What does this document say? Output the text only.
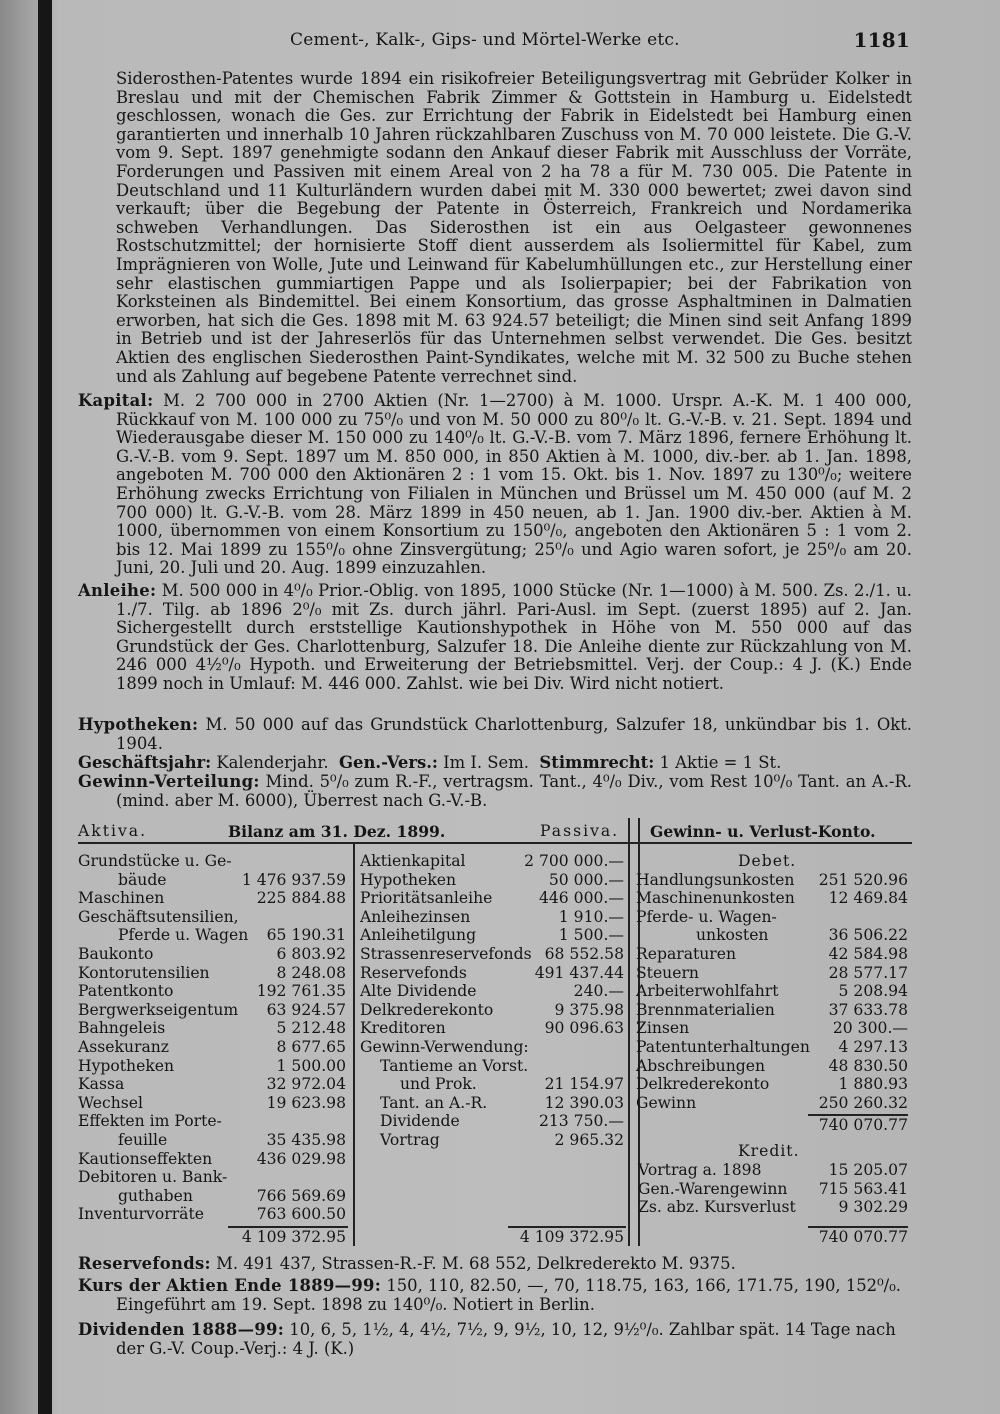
Cement-, Kalk-, Gips- und Mörtel-Werke etc.	1181
Siderosthen-Patentes wurde 1894 ein risikofreier Beteiligungsvertrag mit Gebrüder Kolker in Breslau und mit der Chemischen Fabrik Zimmer & Gottstein in Hamburg u. Eidelstedt geschlossen, wonach die Ges. zur Errichtung der Fabrik in Eidelstedt bei Hamburg einen garantierten und innerhalb 10 Jahren rückzahlbaren Zuschuss von M. 70 000 leistete. Die G.-V. vom 9. Sept. 1897 genehmigte sodann den Ankauf dieser Fabrik mit Ausschluss der Vorräte, Forderungen und Passiven mit einem Areal von 2 ha 78 a für M. 730 005. Die Patente in Deutschland und 11 Kulturländern wurden dabei mit M. 330 000 bewertet; zwei davon sind verkauft; über die Begebung der Patente in Österreich, Frankreich und Nordamerika schweben Verhandlungen. Das Siderosthen ist ein aus Oelgasteer gewonnenes Rostschutzmittel; der hornisierte Stoff dient ausserdem als Isoliermittel für Kabel, zum Imprägnieren von Wolle, Jute und Leinwand für Kabelumhüllungen etc., zur Herstellung einer sehr elastischen gummiartigen Pappe und als Isolierpapier; bei der Fabrikation von Korksteinen als Bindemittel. Bei einem Konsortium, das grosse Asphaltminen in Dalmatien erworben, hat sich die Ges. 1898 mit M. 63 924.57 beteiligt; die Minen sind seit Anfang 1899 in Betrieb und ist der Jahreserlös für das Unternehmen selbst verwendet. Die Ges. besitzt Aktien des englischen Siederosthen Paint-Syndikates, welche mit M. 32 500 zu Buche stehen und als Zahlung auf begebene Patente verrechnet sind.
Kapital: M. 2 700 000 in 2700 Aktien (Nr. 1—2700) à M. 1000. Urspr. A.-K. M. 1 400 000, Rückkauf von M. 100 000 zu 75⁰/₀ und von M. 50 000 zu 80⁰/₀ lt. G.-V.-B. v. 21. Sept. 1894 und Wiederausgabe dieser M. 150 000 zu 140⁰/₀ lt. G.-V.-B. vom 7. März 1896, fernere Erhöhung lt. G.-V.-B. vom 9. Sept. 1897 um M. 850 000, in 850 Aktien à M. 1000, div.-ber. ab 1. Jan. 1898, angeboten M. 700 000 den Aktionären 2 : 1 vom 15. Okt. bis 1. Nov. 1897 zu 130⁰/₀; weitere Erhöhung zwecks Errichtung von Filialen in München und Brüssel um M. 450 000 (auf M. 2 700 000) lt. G.-V.-B. vom 28. März 1899 in 450 neuen, ab 1. Jan. 1900 div.-ber. Aktien à M. 1000, übernommen von einem Konsortium zu 150⁰/₀, angeboten den Aktionären 5 : 1 vom 2. bis 12. Mai 1899 zu 155⁰/₀ ohne Zinsvergütung; 25⁰/₀ und Agio waren sofort, je 25⁰/₀ am 20. Juni, 20. Juli und 20. Aug. 1899 einzuzahlen.
Anleihe: M. 500 000 in 4⁰/₀ Prior.-Oblig. von 1895, 1000 Stücke (Nr. 1—1000) à M. 500. Zs. 2./1. u. 1./7. Tilg. ab 1896 2⁰/₀ mit Zs. durch jährl. Pari-Ausl. im Sept. (zuerst 1895) auf 2. Jan. Sichergestellt durch erststellige Kautionshypothek in Höhe von M. 550 000 auf das Grundstück der Ges. Charlottenburg, Salzufer 18. Die Anleihe diente zur Rückzahlung von M. 246 000 4½⁰/₀ Hypoth. und Erweiterung der Betriebsmittel. Verj. der Coup.: 4 J. (K.) Ende 1899 noch in Umlauf: M. 446 000. Zahlst. wie bei Div. Wird nicht notiert.
Hypotheken: M. 50 000 auf das Grundstück Charlottenburg, Salzufer 18, unkündbar bis 1. Okt. 1904.
Geschäftsjahr: Kalenderjahr. Gen.-Vers.: Im I. Sem. Stimmrecht: 1 Aktie = 1 St.
Gewinn-Verteilung: Mind. 5⁰/₀ zum R.-F., vertragsm. Tant., 4⁰/₀ Div., vom Rest 10⁰/₀ Tant. an A.-R. (mind. aber M. 6000), Überrest nach G.-V.-B.
Aktiva.	Bilanz am 31. Dez. 1899.	Passiva. Gewinn- u. Verlust-Konto.
Grundstücke u. Ge-
bäude	1 476 937.59
Maschinen	225 884.88
Geschäftsutensilien,
Pferde u. Wagen 65 190.31
Baukonto	6 803.92
Kontorutensilien	8 248.08
Patentkonto	192 761.35
Bergwerkseigentum 63 924.57
Bahngeleis	5 212.48
Assekuranz	8 677.65
Hypotheken	1 500.00
Kassa	32 972.04
Wechsel	19 623.98
Effekten im Porte-
feuille	35 435.98
Kautionseffekten	436 029.98
Debitoren u. Bank-
guthaben	766 569.69
Inventurvorräte	763 600.50
4 109 372.95
Aktienkapital	2 700 000.—
Hypotheken	50 000.—
Prioritätsanleihe	446 000.—
Anleihezinsen	1 910.—
Anleihetilgung	1 500.—
Strassenreservefonds 68 552.58
Reservefonds	491 437.44
Alte Dividende	240.—
Delkrederekonto	9 375.98
Kreditoren	90 096.63
Gewinn-Verwendung:
Tantieme an Vorst.
und Prok.	21 154.97
Tant. an A.-R.	12 390.03
Dividende	213 750.—
Vortrag	2 965.32
4 109 372.95
Debet.
Handlungsunkosten 251 520.96
Maschinenunkosten 12 469.84
Pferde- u. Wagen-
unkosten	36 506.22
Reparaturen	42 584.98
Steuern	28 577.17
Arbeiterwohlfahrt	5 208.94
Brennmaterialien	37 633.78
Zinsen	20 300.—
Patentunterhaltungen 4 297.13
Abschreibungen	48 830.50
Delkrederekonto	1 880.93
Gewinn	250 260.32
740 070.77
Kredit.
Vortrag a. 1898	15 205.07
Gen.-Warengewinn 715 563.41
Zs. abz. Kursverlust	9 302.29
740 070.77
Reservefonds: M. 491 437, Strassen-R.-F. M. 68 552, Delkrederekto M. 9375.
Kurs der Aktien Ende 1889—99: 150, 110, 82.50, —, 70, 118.75, 163, 166, 171.75, 190, 152⁰/₀.
Eingeführt am 19. Sept. 1898 zu 140⁰/₀. Notiert in Berlin.
Dividenden 1888—99: 10, 6, 5, 1½, 4, 4½, 7½, 9, 9½, 10, 12, 9½⁰/₀. Zahlbar spät. 14 Tage nach der G.-V. Coup.-Verj.: 4 J. (K.)
